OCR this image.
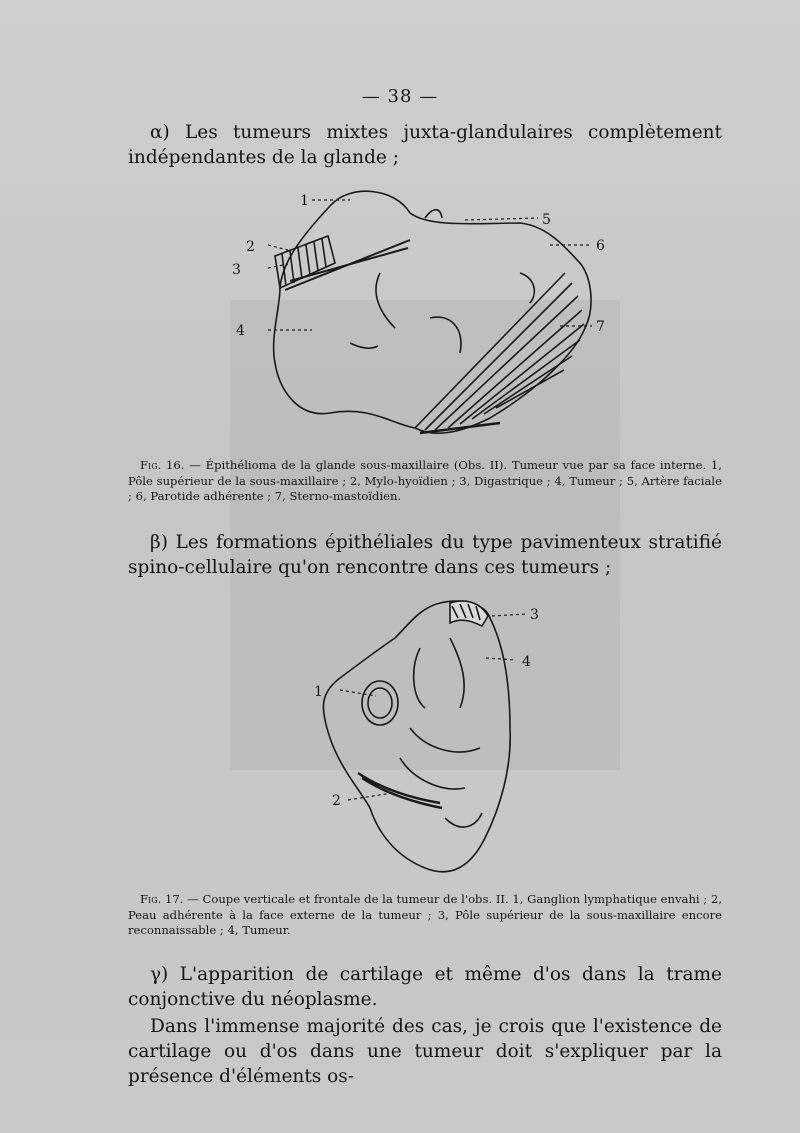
— 38 —
α) Les tumeurs mixtes juxta-glandulaires complètement indépendantes de la glande ;
1
2
3
4
5
6
7
Fig. 16. — Épithélioma de la glande sous-maxillaire (Obs. II). Tumeur vue par sa face interne. 1, Pôle supérieur de la sous-maxillaire ; 2, Mylo-hyoïdien ; 3, Digastrique ; 4, Tumeur ; 5, Artère faciale ; 6, Parotide adhérente ; 7, Sterno-mastoïdien.
β) Les formations épithéliales du type pavimenteux stratifié spino-cellulaire qu'on rencontre dans ces tumeurs ;
1
2
3
4
Fig. 17. — Coupe verticale et frontale de la tumeur de l'obs. II. 1, Ganglion lymphatique envahi ; 2, Peau adhérente à la face externe de la tumeur ; 3, Pôle supérieur de la sous-maxillaire encore reconnaissable ; 4, Tumeur.
γ) L'apparition de cartilage et même d'os dans la trame conjonctive du néoplasme.
Dans l'immense majorité des cas, je crois que l'existence de cartilage ou d'os dans une tumeur doit s'expliquer par la présence d'éléments os-
